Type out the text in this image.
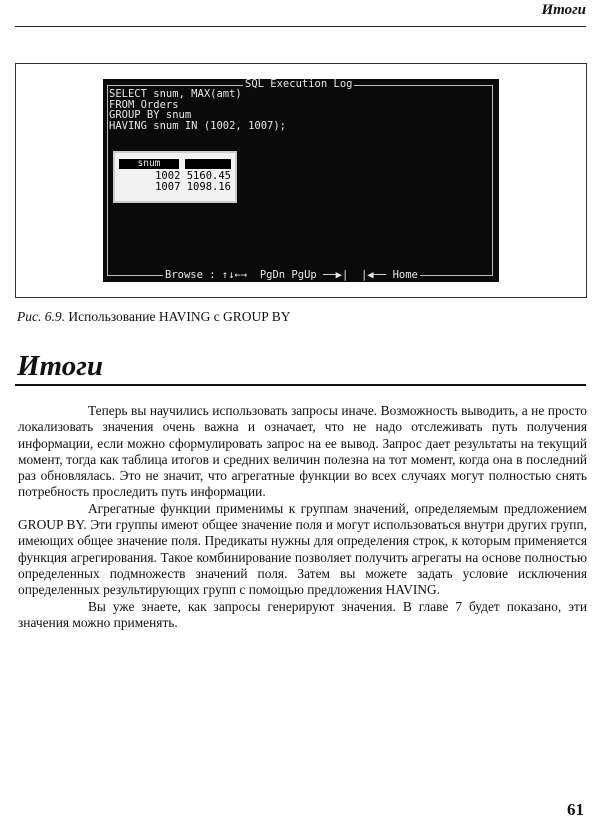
Итоги
SQL Execution Log
SELECT snum, MAX(amt)
FROM Orders
GROUP BY snum
HAVING snum IN (1002, 1007);
snum
1002 5160.45
1007 1098.16
Browse : ↑↓←→  PgDn PgUp ──▶|  |◀── Home
Рис. 6.9. Использование HAVING с GROUP BY
Итоги

Теперь вы научились использовать запросы иначе. Возможность выводить, а не просто локализовать значения очень важна и означает, что не надо отслеживать путь получения информации, если можно сформулировать запрос на ее вывод. Запрос дает результаты на текущий момент, тогда как таблица итогов и средних величин полезна на тот момент, когда она в последний раз обновлялась. Это не значит, что агрегатные функции во всех случаях могут полностью снять потребность проследить путь информации.

Агрегатные функции применимы к группам значений, определяемым предложением GROUP BY. Эти группы имеют общее значение поля и могут использоваться внутри других групп, имеющих общее значение поля. Предикаты нужны для определения строк, к которым применяется функция агрегирования. Такое комбинирование позволяет получить агрегаты на основе полностью определенных подмножеств значений поля. Затем вы можете задать условие исключения определенных результирующих групп с помощью предложения HAVING.

Вы уже знаете, как запросы генерируют значения. В главе 7 будет показано, эти значения можно применять.

61
